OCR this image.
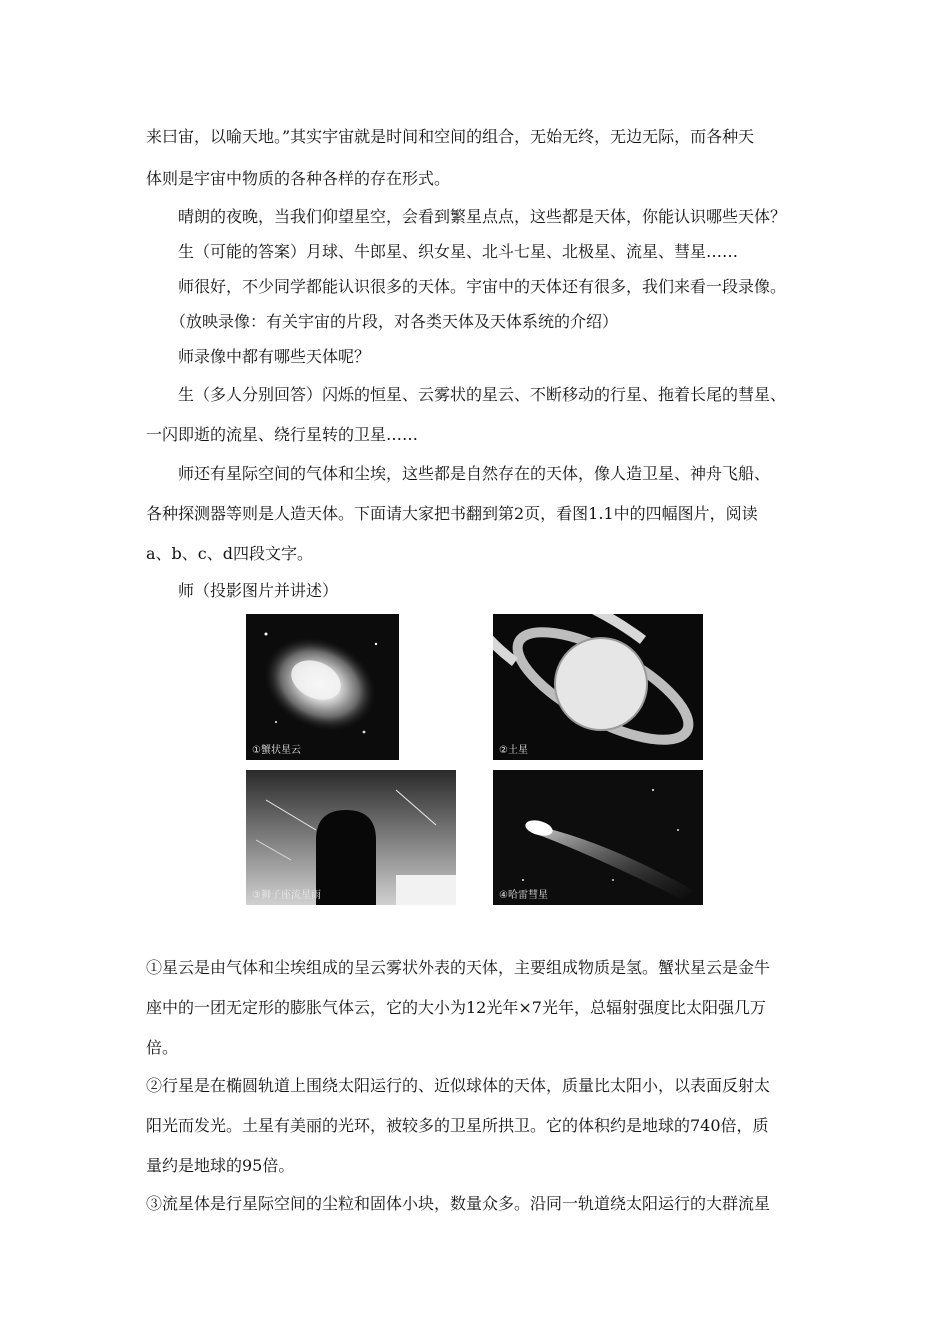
来曰宙，以喻天地。”其实宇宙就是时间和空间的组合，无始无终，无边无际，而各种天
体则是宇宙中物质的各种各样的存在形式。
晴朗的夜晚，当我们仰望星空，会看到繁星点点，这些都是天体，你能认识哪些天体？
生（可能的答案）月球、牛郎星、织女星、北斗七星、北极星、流星、彗星……
师很好，不少同学都能认识很多的天体。宇宙中的天体还有很多，我们来看一段录像。
（放映录像：有关宇宙的片段，对各类天体及天体系统的介绍）
师录像中都有哪些天体呢？
生（多人分别回答）闪烁的恒星、云雾状的星云、不断移动的行星、拖着长尾的彗星、
一闪即逝的流星、绕行星转的卫星……
师还有星际空间的气体和尘埃，这些都是自然存在的天体，像人造卫星、神舟飞船、
各种探测器等则是人造天体。下面请大家把书翻到第2页，看图1.1中的四幅图片，阅读
a、b、c、d四段文字。
师（投影图片并讲述）
①蟹状星云	②土星
③狮子座流星雨	④哈雷彗星
①星云是由气体和尘埃组成的呈云雾状外表的天体，主要组成物质是氢。蟹状星云是金牛
座中的一团无定形的膨胀气体云，它的大小为12光年×7光年，总辐射强度比太阳强几万
倍。
②行星是在椭圆轨道上围绕太阳运行的、近似球体的天体，质量比太阳小，以表面反射太
阳光而发光。土星有美丽的光环，被较多的卫星所拱卫。它的体积约是地球的740倍，质
量约是地球的95倍。
③流星体是行星际空间的尘粒和固体小块，数量众多。沿同一轨道绕太阳运行的大群流星
